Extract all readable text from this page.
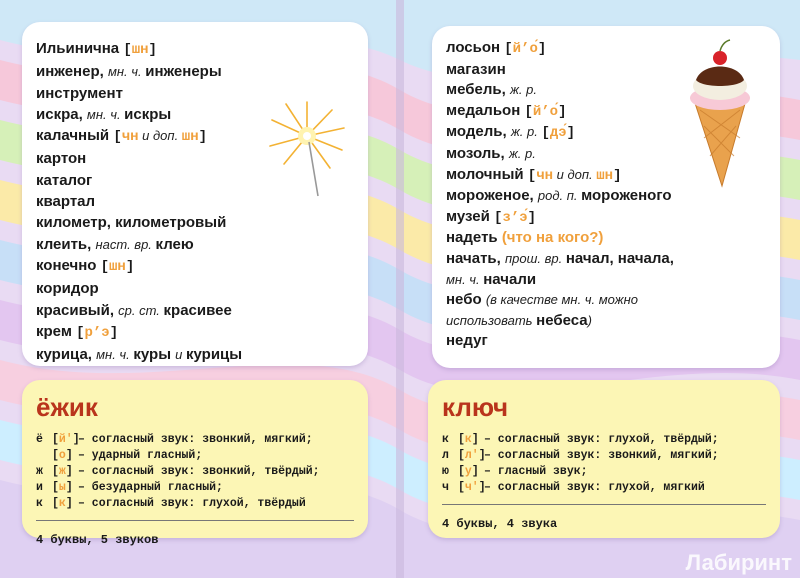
Ильинична [шн]
инженер, мн. ч. инженеры
инструмент
искра, мн. ч. искры
калачный [чн и доп. шн]
картон
каталог
квартал
километр, километровый
клеить, наст. вр. клею
конечно [шн]
коридор
красивый, ср. ст. красивее
крем [р’э]
курица, мн. ч. куры и курицы
лосьон [й’о́]
магазин
мебель, ж. р.
медальон [й’о́]
модель, ж. р. [дэ́]
мозоль, ж. р.
молочный [чн и доп. шн]
мороженое, род. п. мороженого
музей [з’э́]
надеть (что на кого?)
начать, прош. вр. начал, начала,
мн. ч. начали
небо (в качестве мн. ч. можно
использовать небеса)
недуг
ёжик
ё [й']
– согласный звук: звонкий, мягкий;
[о] – ударный гласный;
ж [ж] – согласный звук: звонкий, твёрдый;
и [ы] – безударный гласный;
к [к] – согласный звук: глухой, твёрдый
4 буквы, 5 звуков
ключ
к [к] – согласный звук: глухой, твёрдый;
л [л']
– согласный звук: звонкий, мягкий;
ю [у] – гласный звук;
ч [ч']
– согласный звук: глухой, мягкий
4 буквы, 4 звука
Лабиринт
